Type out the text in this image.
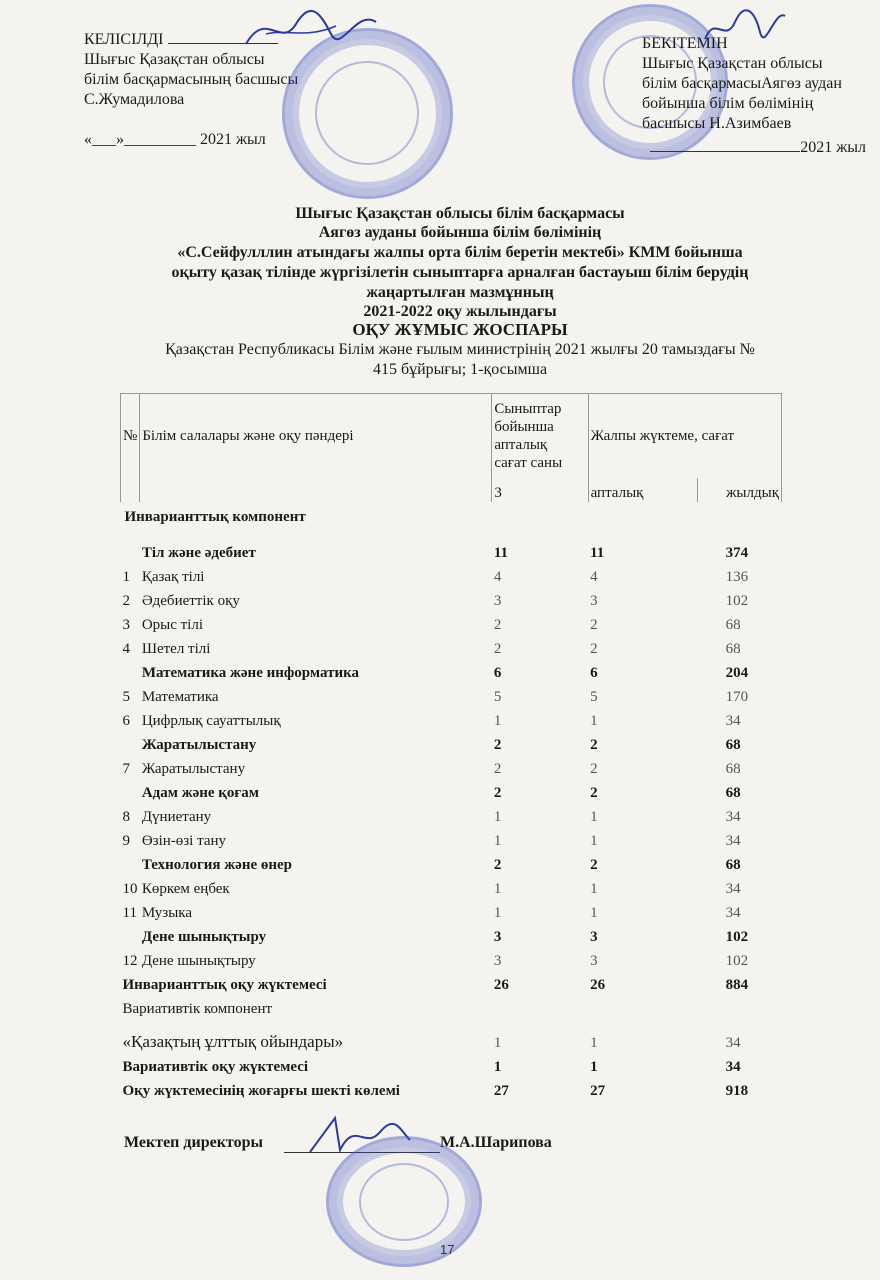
КЕЛІСІЛДІ
Шығыс Қазақстан облысы
білім басқармасының басшысы
С.Жумадилова
«___»_________ 2021 жыл
БЕКІТЕМІН
Шығыс Қазақстан облысы
білім басқармасыАягөз аудан
бойынша білім бөлімінің
басшысы Н.Азимбаев
2021 жыл
Шығыс Қазақстан облысы білім басқармасы
Аягөз ауданы бойынша білім бөлімінің
«С.Сейфулллин атындағы жалпы орта білім беретін мектебі» КММ бойынша
оқыту қазақ тілінде жүргізілетін сыныптарға арналған бастауыш білім берудің
жаңартылған мазмұнның
2021-2022 оқу жылындағы
ОҚУ ЖҰМЫС ЖОСПАРЫ
Қазақстан Республикасы Білім және ғылым министрінің 2021 жылғы 20 тамыздағы №
415 бұйрығы; 1-қосымша
№	Білім салалары және оқу пәндері	Сыныптар
бойынша
апталық
сағат саны	Жалпы жүктеме, сағат	
		3	апталық	жылдық
Инварианттық компонент				
	Тіл және әдебиет	11	11	374
1	Қазақ тілі	4	4	136
2	Әдебиеттік оқу	3	3	102
3	Орыс тілі	2	2	68
4	Шетел тілі	2	2	68
	Математика және информатика	6	6	204
5	Математика	5	5	170
6	Цифрлық сауаттылық	1	1	34
	Жаратылыстану	2	2	68
7	Жаратылыстану	2	2	68
	Адам және қоғам	2	2	68
8	Дүниетану	1	1	34
9	Өзін-өзі тану	1	1	34
	Технология және өнер	2	2	68
10	Көркем еңбек	1	1	34
11	Музыка	1	1	34
	Дене шынықтыру	3	3	102
12	Дене шынықтыру	3	3	102
Инварианттық оқу жүктемесі		26	26	884
Вариативтік компонент				
«Қазақтың ұлттық ойындары»		1	1	34
Вариативтік оқу жүктемесі		1	1	34
Оқу жүктемесінің жоғарғы шекті көлемі		27	27	918
Мектеп директоры	М.А.Шарипова
17
